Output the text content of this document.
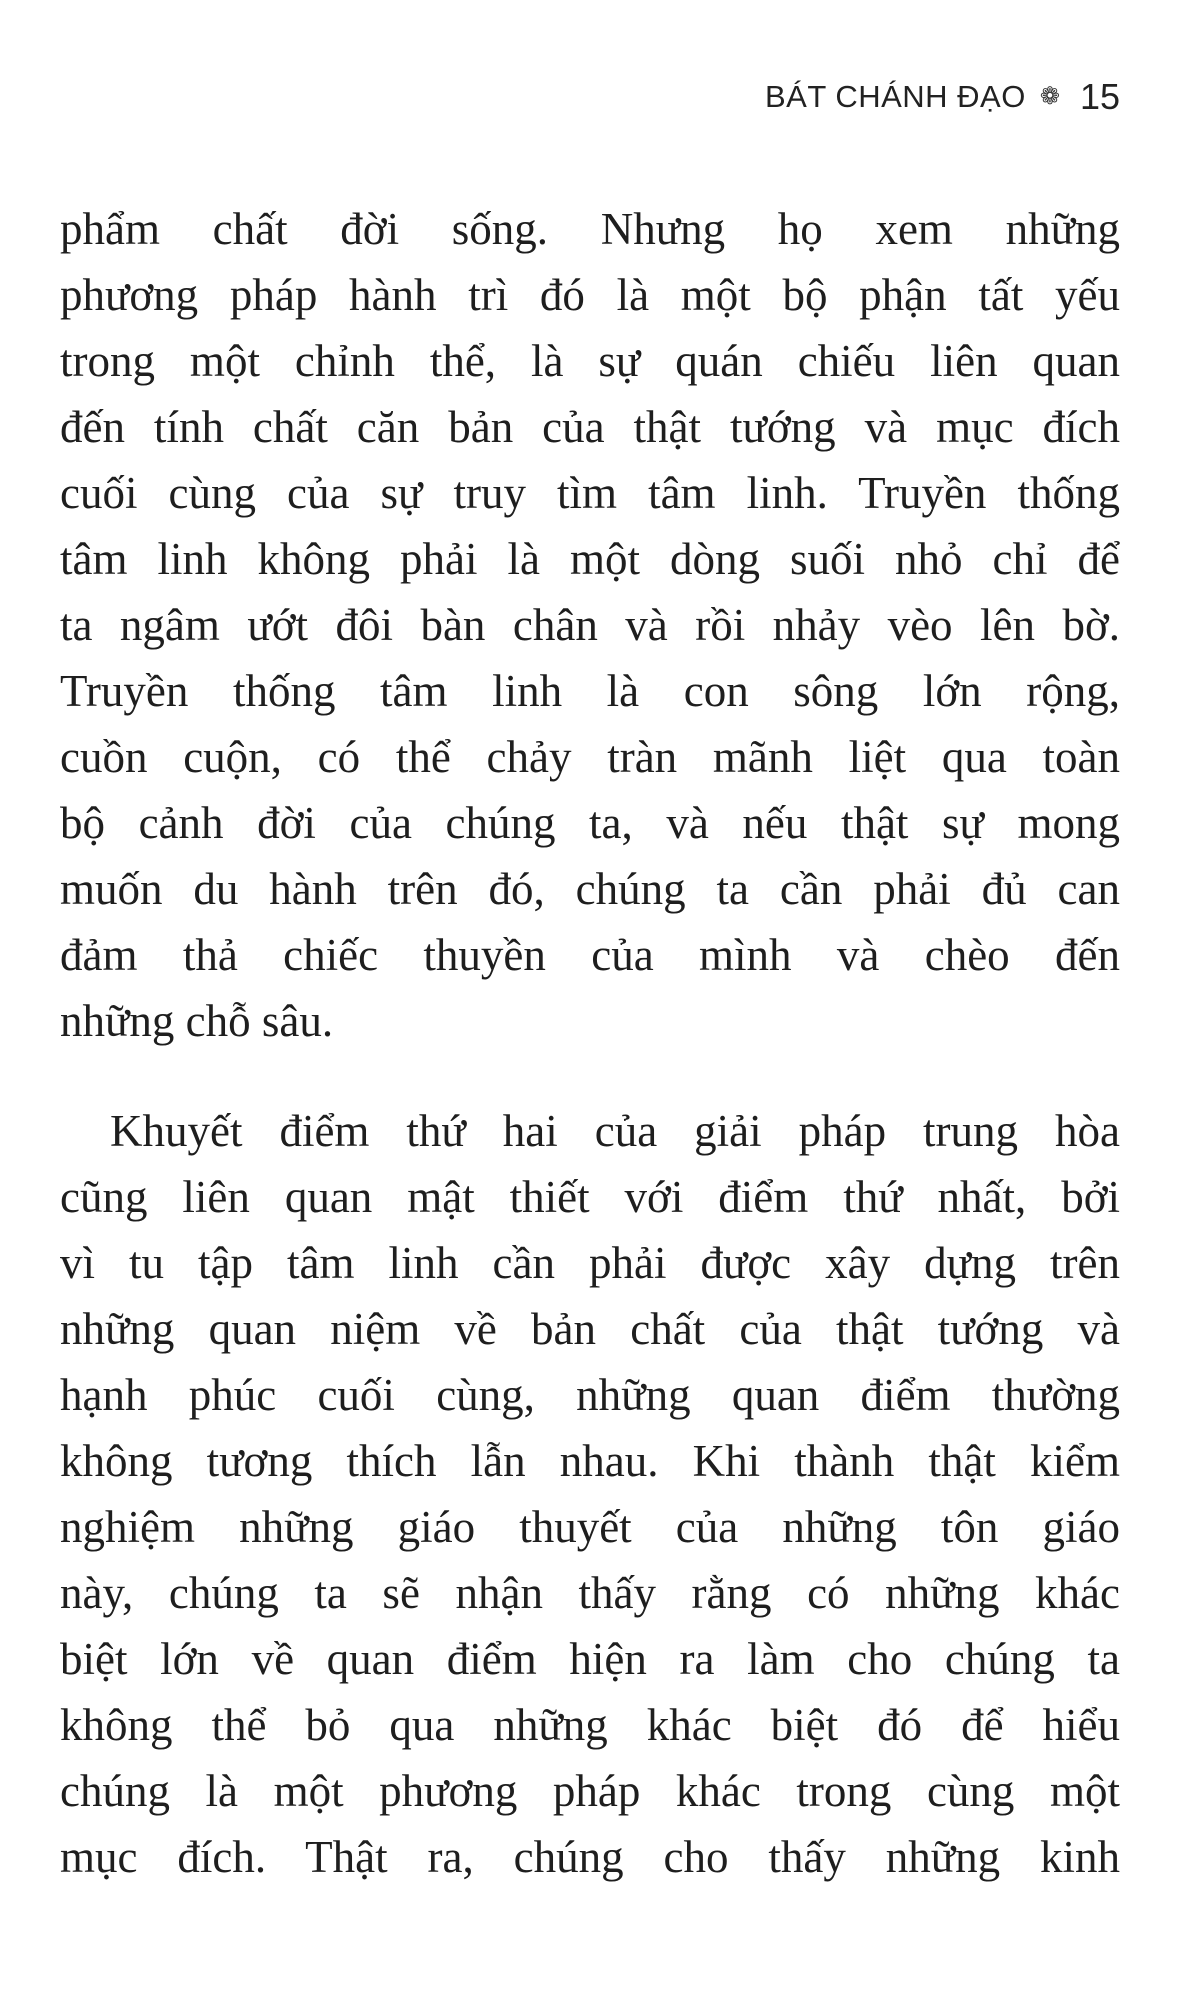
BÁT CHÁNH ĐẠO ❁ 15
phẩm chất đời sống. Nhưng họ xem những
phương pháp hành trì đó là một bộ phận tất yếu
trong một chỉnh thể, là sự quán chiếu liên quan
đến tính chất căn bản của thật tướng và mục đích
cuối cùng của sự truy tìm tâm linh. Truyền thống
tâm linh không phải là một dòng suối nhỏ chỉ để
ta ngâm ướt đôi bàn chân và rồi nhảy vèo lên bờ.
Truyền thống tâm linh là con sông lớn rộng,
cuồn cuộn, có thể chảy tràn mãnh liệt qua toàn
bộ cảnh đời của chúng ta, và nếu thật sự mong
muốn du hành trên đó, chúng ta cần phải đủ can
đảm thả chiếc thuyền của mình và chèo đến
những chỗ sâu.
Khuyết điểm thứ hai của giải pháp trung hòa
cũng liên quan mật thiết với điểm thứ nhất, bởi
vì tu tập tâm linh cần phải được xây dựng trên
những quan niệm về bản chất của thật tướng và
hạnh phúc cuối cùng, những quan điểm thường
không tương thích lẫn nhau. Khi thành thật kiểm
nghiệm những giáo thuyết của những tôn giáo
này, chúng ta sẽ nhận thấy rằng có những khác
biệt lớn về quan điểm hiện ra làm cho chúng ta
không thể bỏ qua những khác biệt đó để hiểu
chúng là một phương pháp khác trong cùng một
mục đích. Thật ra, chúng cho thấy những kinh
